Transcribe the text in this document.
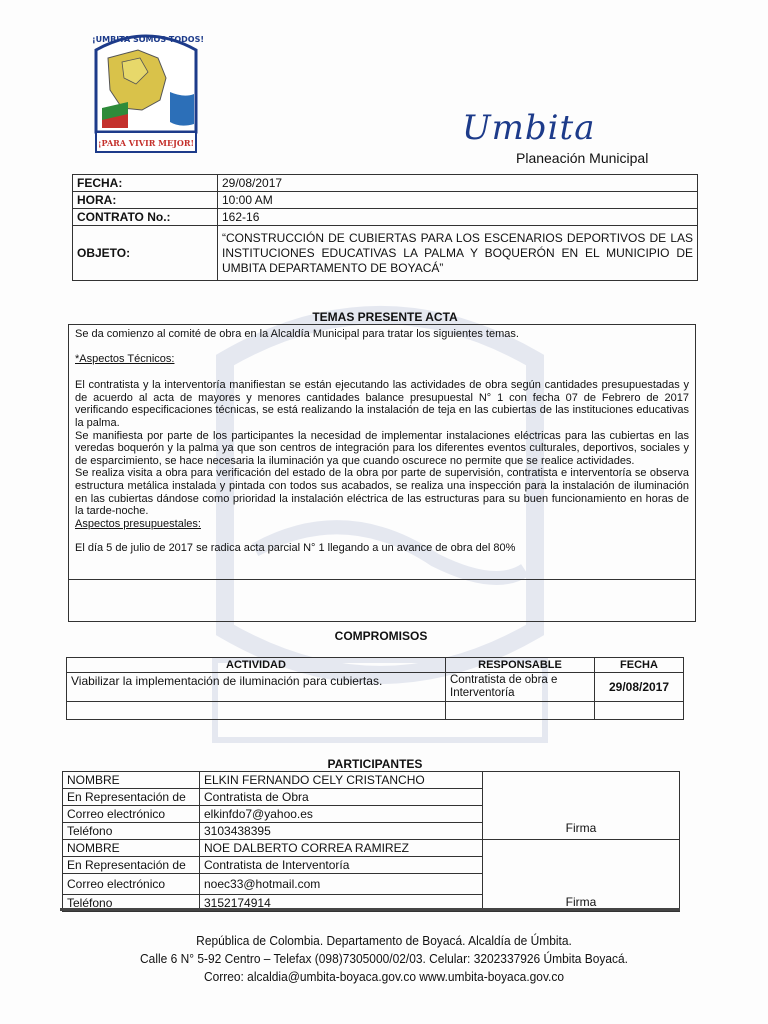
¡PARA VIVIR MEJOR!
¡UMBITA SOMOS TODOS!
Umbita
Planeación Municipal
FECHA:	29/08/2017
HORA:	10:00 AM
CONTRATO No.:	162-16
OBJETO:	“CONSTRUCCIÓN DE CUBIERTAS PARA LOS ESCENARIOS DEPORTIVOS DE LAS INSTITUCIONES EDUCATIVAS LA PALMA Y BOQUERÓN EN EL MUNICIPIO DE UMBITA DEPARTAMENTO DE BOYACÁ”
TEMAS PRESENTE ACTA

Se da comienzo al comité de obra en la Alcaldía Municipal para tratar los siguientes temas.

*Aspectos Técnicos:

El contratista y la interventoría manifiestan se están ejecutando las actividades de obra según cantidades presupuestadas y de acuerdo al acta de mayores y menores cantidades balance presupuestal N° 1 con fecha 07 de Febrero de 2017 verificando especificaciones técnicas, se está realizando la instalación de teja en las cubiertas de las instituciones educativas la palma.

Se manifiesta por parte de los participantes la necesidad de implementar instalaciones eléctricas para las cubiertas en las veredas boquerón y la palma ya que son centros de integración para los diferentes eventos culturales, deportivos, sociales y de esparcimiento, se hace necesaria la iluminación ya que cuando oscurece no permite que se realice actividades.

Se realiza visita a obra para verificación del estado de la obra por parte de supervisión, contratista e interventoría se observa estructura metálica instalada y pintada con todos sus acabados, se realiza una inspección para la instalación de iluminación en las cubiertas dándose como prioridad la instalación eléctrica de las estructuras para su buen funcionamiento en horas de la tarde-noche.

Aspectos presupuestales:

El día 5 de julio de 2017 se radica acta parcial N° 1 llegando a un avance de obra del 80%

COMPROMISOS
ACTIVIDAD	RESPONSABLE	FECHA
Viabilizar la implementación de iluminación para cubiertas.	Contratista de obra e Interventoría	29/08/2017

PARTICIPANTES
NOMBRE	ELKIN FERNANDO CELY CRISTANCHO	Firma
En Representación de	Contratista de Obra	
Correo electrónico	elkinfdo7@yahoo.es	
Teléfono	3103438395	
NOMBRE	NOE DALBERTO CORREA RAMIREZ	Firma
En Representación de	Contratista de Interventoría	
Correo electrónico	noec33@hotmail.com	
Teléfono	3152174914	
República de Colombia. Departamento de Boyacá. Alcaldía de Úmbita.
Calle 6 N° 5-92 Centro – Telefax (098)7305000/02/03. Celular: 3202337926 Úmbita Boyacá.
Correo: alcaldia@umbita-boyaca.gov.co www.umbita-boyaca.gov.co
